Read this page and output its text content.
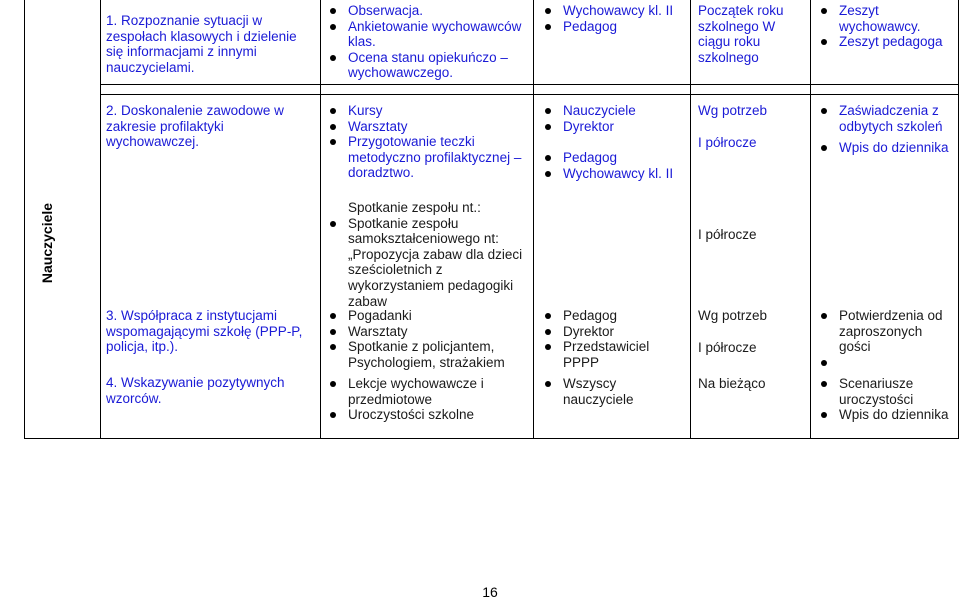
Nauczyciele
1. Rozpoznanie sytuacji w zespołach klasowych i dzielenie się informacjami z innymi nauczycielami.
Obserwacja.
Ankietowanie wychowawców klas.
Ocena stanu opiekuńczo – wychowawczego.
Wychowawcy kl. II
Pedagog
Początek roku szkolnego W ciągu roku szkolnego
Zeszyt wychowawcy.
Zeszyt pedagoga
2. Doskonalenie zawodowe w zakresie profilaktyki wychowawczej.
Kursy
Warsztaty
Przygotowanie teczki metodyczno profilaktycznej – doradztwo.
Nauczyciele
Dyrektor
Pedagog
Wychowawcy kl. II
Wg potrzeb
I półrocze
Zaświadczenia z odbytych szkoleń
Wpis do dziennika
Spotkanie zespołu nt.:
Spotkanie zespołu samokształceniowego nt: „Propozycja zabaw dla dzieci sześcioletnich z wykorzystaniem pedagogiki zabaw
I półrocze
3. Współpraca z instytucjami wspomagającymi szkołę (PPP-P, policja, itp.).
Pogadanki
Warsztaty
Spotkanie z policjantem, Psychologiem, strażakiem
Pedagog
Dyrektor
Przedstawiciel PPPP
Wg potrzeb
I półrocze
Potwierdzenia od zaproszonych gości

4. Wskazywanie pozytywnych wzorców.
Lekcje wychowawcze i przedmiotowe
Uroczystości szkolne
Wszyscy nauczyciele
Na bieżąco	Scenariusze uroczystości
Wpis do dziennika
16
